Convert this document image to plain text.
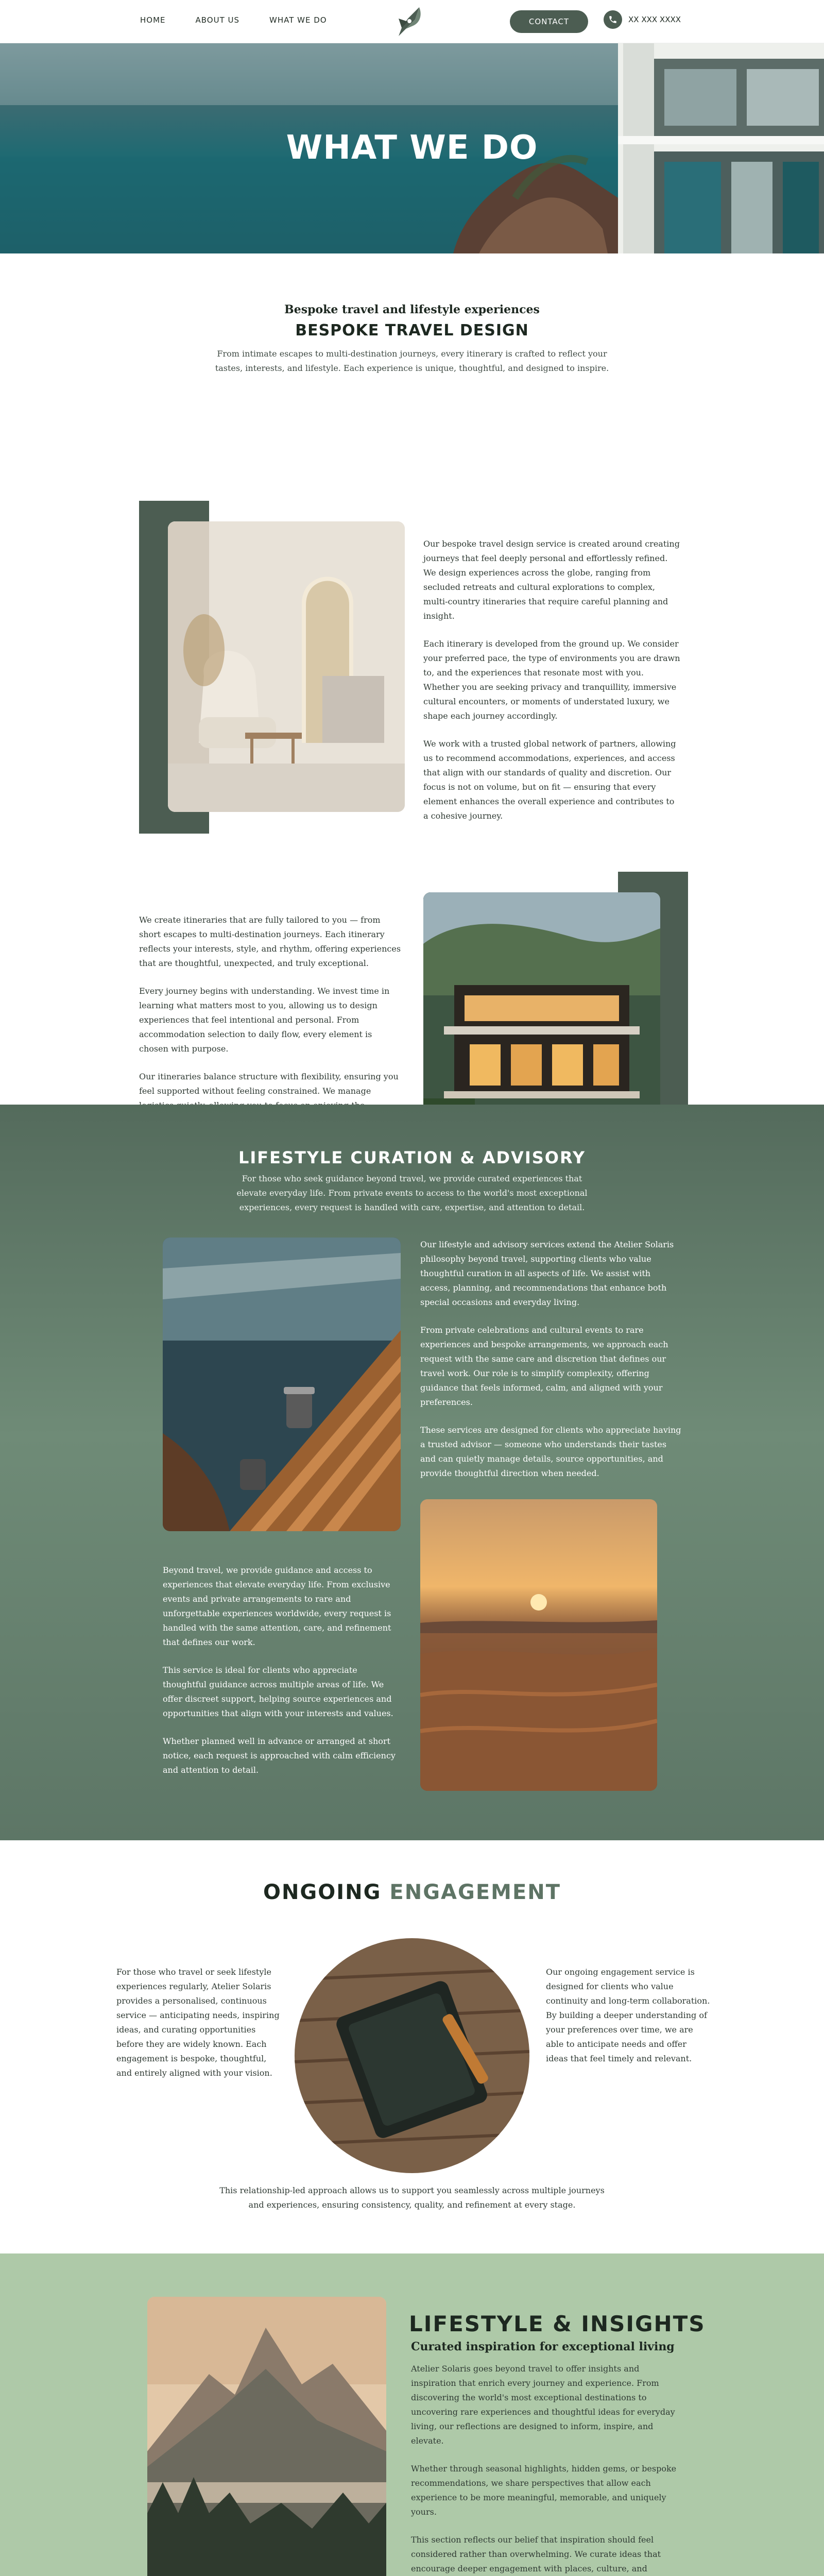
HOME	ABOUT US	WHAT WE DO	CONTACT	XX XXX XXXX
WHAT WE DO
Bespoke travel and lifestyle experiences
BESPOKE TRAVEL DESIGN

From intimate escapes to multi-destination journeys, every itinerary is crafted to reflect your tastes, interests, and lifestyle. Each experience is unique, thoughtful, and designed to inspire.

Our bespoke travel design service is created around creating journeys that feel deeply personal and effortlessly refined. We design experiences across the globe, ranging from secluded retreats and cultural explorations to complex, multi-country itineraries that require careful planning and insight.

Each itinerary is developed from the ground up. We consider your preferred pace, the type of environments you are drawn to, and the experiences that resonate most with you. Whether you are seeking privacy and tranquillity, immersive cultural encounters, or moments of understated luxury, we shape each journey accordingly.

We work with a trusted global network of partners, allowing us to recommend accommodations, experiences, and access that align with our standards of quality and discretion. Our focus is not on volume, but on fit — ensuring that every element enhances the overall experience and contributes to a cohesive journey.

We create itineraries that are fully tailored to you — from short escapes to multi-destination journeys. Each itinerary reflects your interests, style, and rhythm, offering experiences that are thoughtful, unexpected, and truly exceptional.

Every journey begins with understanding. We invest time in learning what matters most to you, allowing us to design experiences that feel intentional and personal. From accommodation selection to daily flow, every element is chosen with purpose.

Our itineraries balance structure with flexibility, ensuring you feel supported without feeling constrained. We manage

LIFESTYLE CURATION & ADVISORY

For those who seek guidance beyond travel, we provide curated experiences that elevate everyday life. From private events to access to the world's most exceptional experiences, every request is handled with care, expertise, and attention to detail.

Our lifestyle and advisory services extend the Atelier Solaris philosophy beyond travel, supporting clients who value thoughtful curation in all aspects of life. We assist with access, planning, and recommendations that enhance both special occasions and everyday living.

From private celebrations and cultural events to rare experiences and bespoke arrangements, we approach each request with the same care and discretion that defines our travel work. Our role is to simplify complexity, offering guidance that feels informed, calm, and aligned with your preferences.

These services are designed for clients who appreciate having a trusted advisor — someone who understands their tastes and can quietly manage details, source opportunities, and provide thoughtful direction when needed.

Beyond travel, we provide guidance and access to experiences that elevate everyday life. From exclusive events and private arrangements to rare and unforgettable experiences worldwide, every request is handled with the same attention, care, and refinement that defines our work.

This service is ideal for clients who appreciate thoughtful guidance across multiple areas of life. We offer discreet support, helping source experiences and opportunities that align with your interests and values.

Whether planned well in advance or arranged at short notice, each request is approached with calm efficiency and attention to detail.

ONGOING ENGAGEMENT

For those who travel or seek lifestyle experiences regularly, Atelier Solaris provides a personalised, continuous service — anticipating needs, inspiring ideas, and curating opportunities before they are widely known. Each engagement is bespoke, thoughtful, and entirely aligned with your vision.

Our ongoing engagement service is designed for clients who value continuity and long-term collaboration. By building a deeper understanding of your preferences over time, we are able to anticipate needs and offer ideas that feel timely and relevant.

This relationship-led approach allows us to support you seamlessly across multiple journeys and experiences, ensuring consistency, quality, and refinement at every stage.

LIFESTYLE & INSIGHTS
Curated inspiration for exceptional living

Atelier Solaris goes beyond travel to offer insights and inspiration that enrich every journey and experience. From discovering the world's most exceptional destinations to uncovering rare experiences and thoughtful ideas for everyday living, our reflections are designed to inform, inspire, and elevate.

Whether through seasonal highlights, hidden gems, or bespoke recommendations, we share perspectives that allow each experience to be more meaningful, memorable, and uniquely yours.

This section reflects our belief that inspiration should feel considered rather than overwhelming. We curate ideas that encourage deeper engagement with places, culture, and
